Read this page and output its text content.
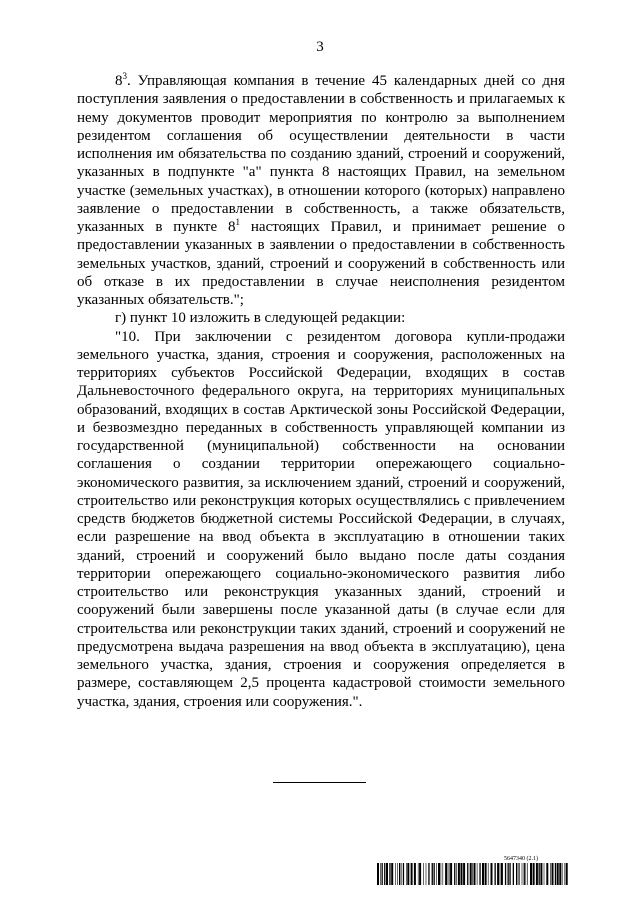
3

$8^3$. Управляющая компания в течение 45 календарных дней со дня поступления заявления о предоставлении в собственность и прилагаемых к нему документов проводит мероприятия по контролю за выполнением резидентом соглашения об осуществлении деятельности в части исполнения им обязательства по созданию зданий, строений и сооружений, указанных в подпункте "а" пункта 8 настоящих Правил, на земельном участке (земельных участках), в отношении которого (которых) направлено заявление о предоставлении в собственность, а также обязательств, указанных в пункте $8^1$ настоящих Правил, и принимает решение о предоставлении указанных в заявлении о предоставлении в собственность земельных участков, зданий, строений и сооружений в собственность или об отказе в их предоставлении в случае неисполнения резидентом указанных обязательств.";

г) пункт 10 изложить в следующей редакции:

"10. При заключении с резидентом договора купли-продажи земельного участка, здания, строения и сооружения, расположенных на территориях субъектов Российской Федерации, входящих в состав Дальневосточного федерального округа, на территориях муниципальных образований, входящих в состав Арктической зоны Российской Федерации, и безвозмездно переданных в собственность управляющей компании из государственной (муниципальной) собственности на основании соглашения о создании территории опережающего социально-экономического развития, за исключением зданий, строений и сооружений, строительство или реконструкция которых осуществлялись с привлечением средств бюджетов бюджетной системы Российской Федерации, в случаях, если разрешение на ввод объекта в эксплуатацию в отношении таких зданий, строений и сооружений было выдано после даты создания территории опережающего социально-экономического развития либо строительство или реконструкция указанных зданий, строений и сооружений были завершены после указанной даты (в случае если для строительства или реконструкции таких зданий, строений и сооружений не предусмотрена выдача разрешения на ввод объекта в эксплуатацию), цена земельного участка, здания, строения и сооружения определяется в размере, составляющем 2,5 процента кадастровой стоимости земельного участка, здания, строения или сооружения.".

5647340 (2.1)
